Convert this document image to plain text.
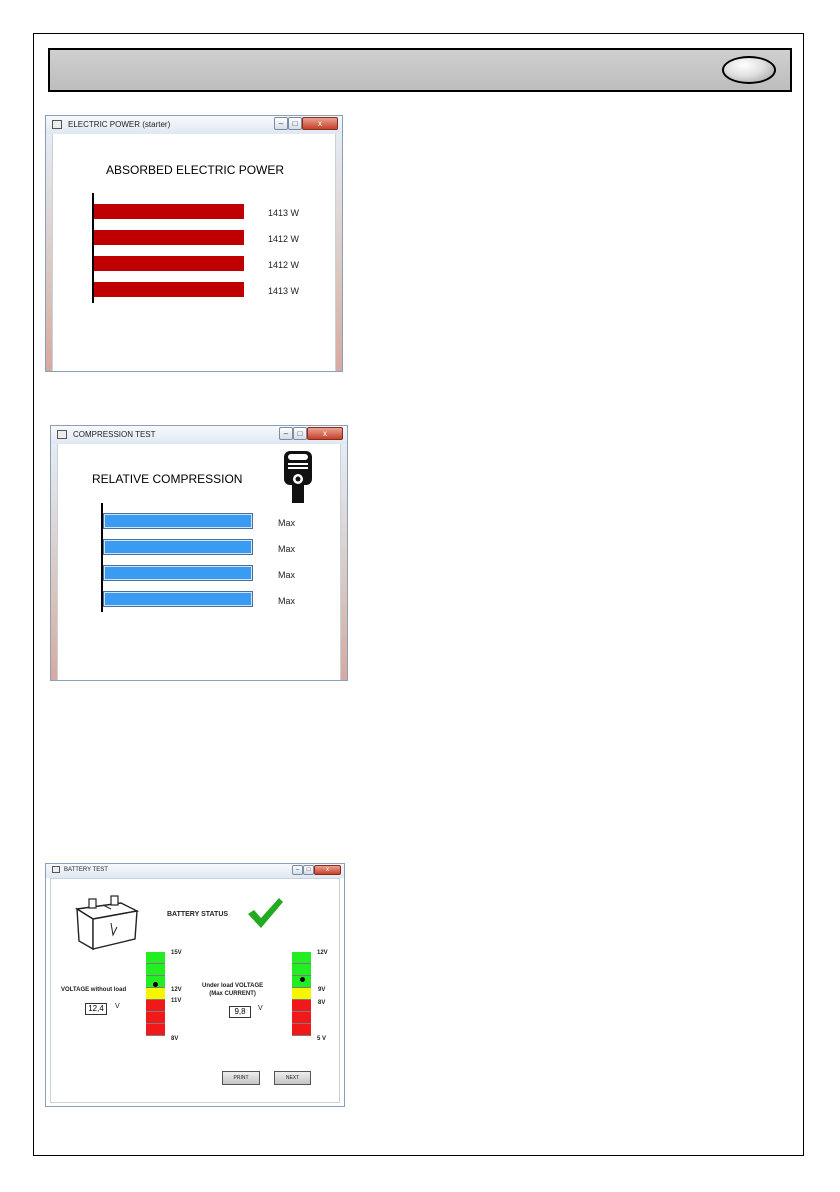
ELECTRIC POWER (starter)	–	□	x
ABSORBED ELECTRIC POWER
1413 W
1412 W
1412 W
1413 W
COMPRESSION TEST	–	□	x
RELATIVE COMPRESSION
Max
Max
Max
Max
BATTERY TEST	–	□	x
BATTERY STATUS
15V
12V
11V
8V
VOLTAGE without load
12,4	V
12V
9V
8V
5 V
Under load VOLTAGE
(Max CURRENT)
9,8	V
PRINT	NEXT
